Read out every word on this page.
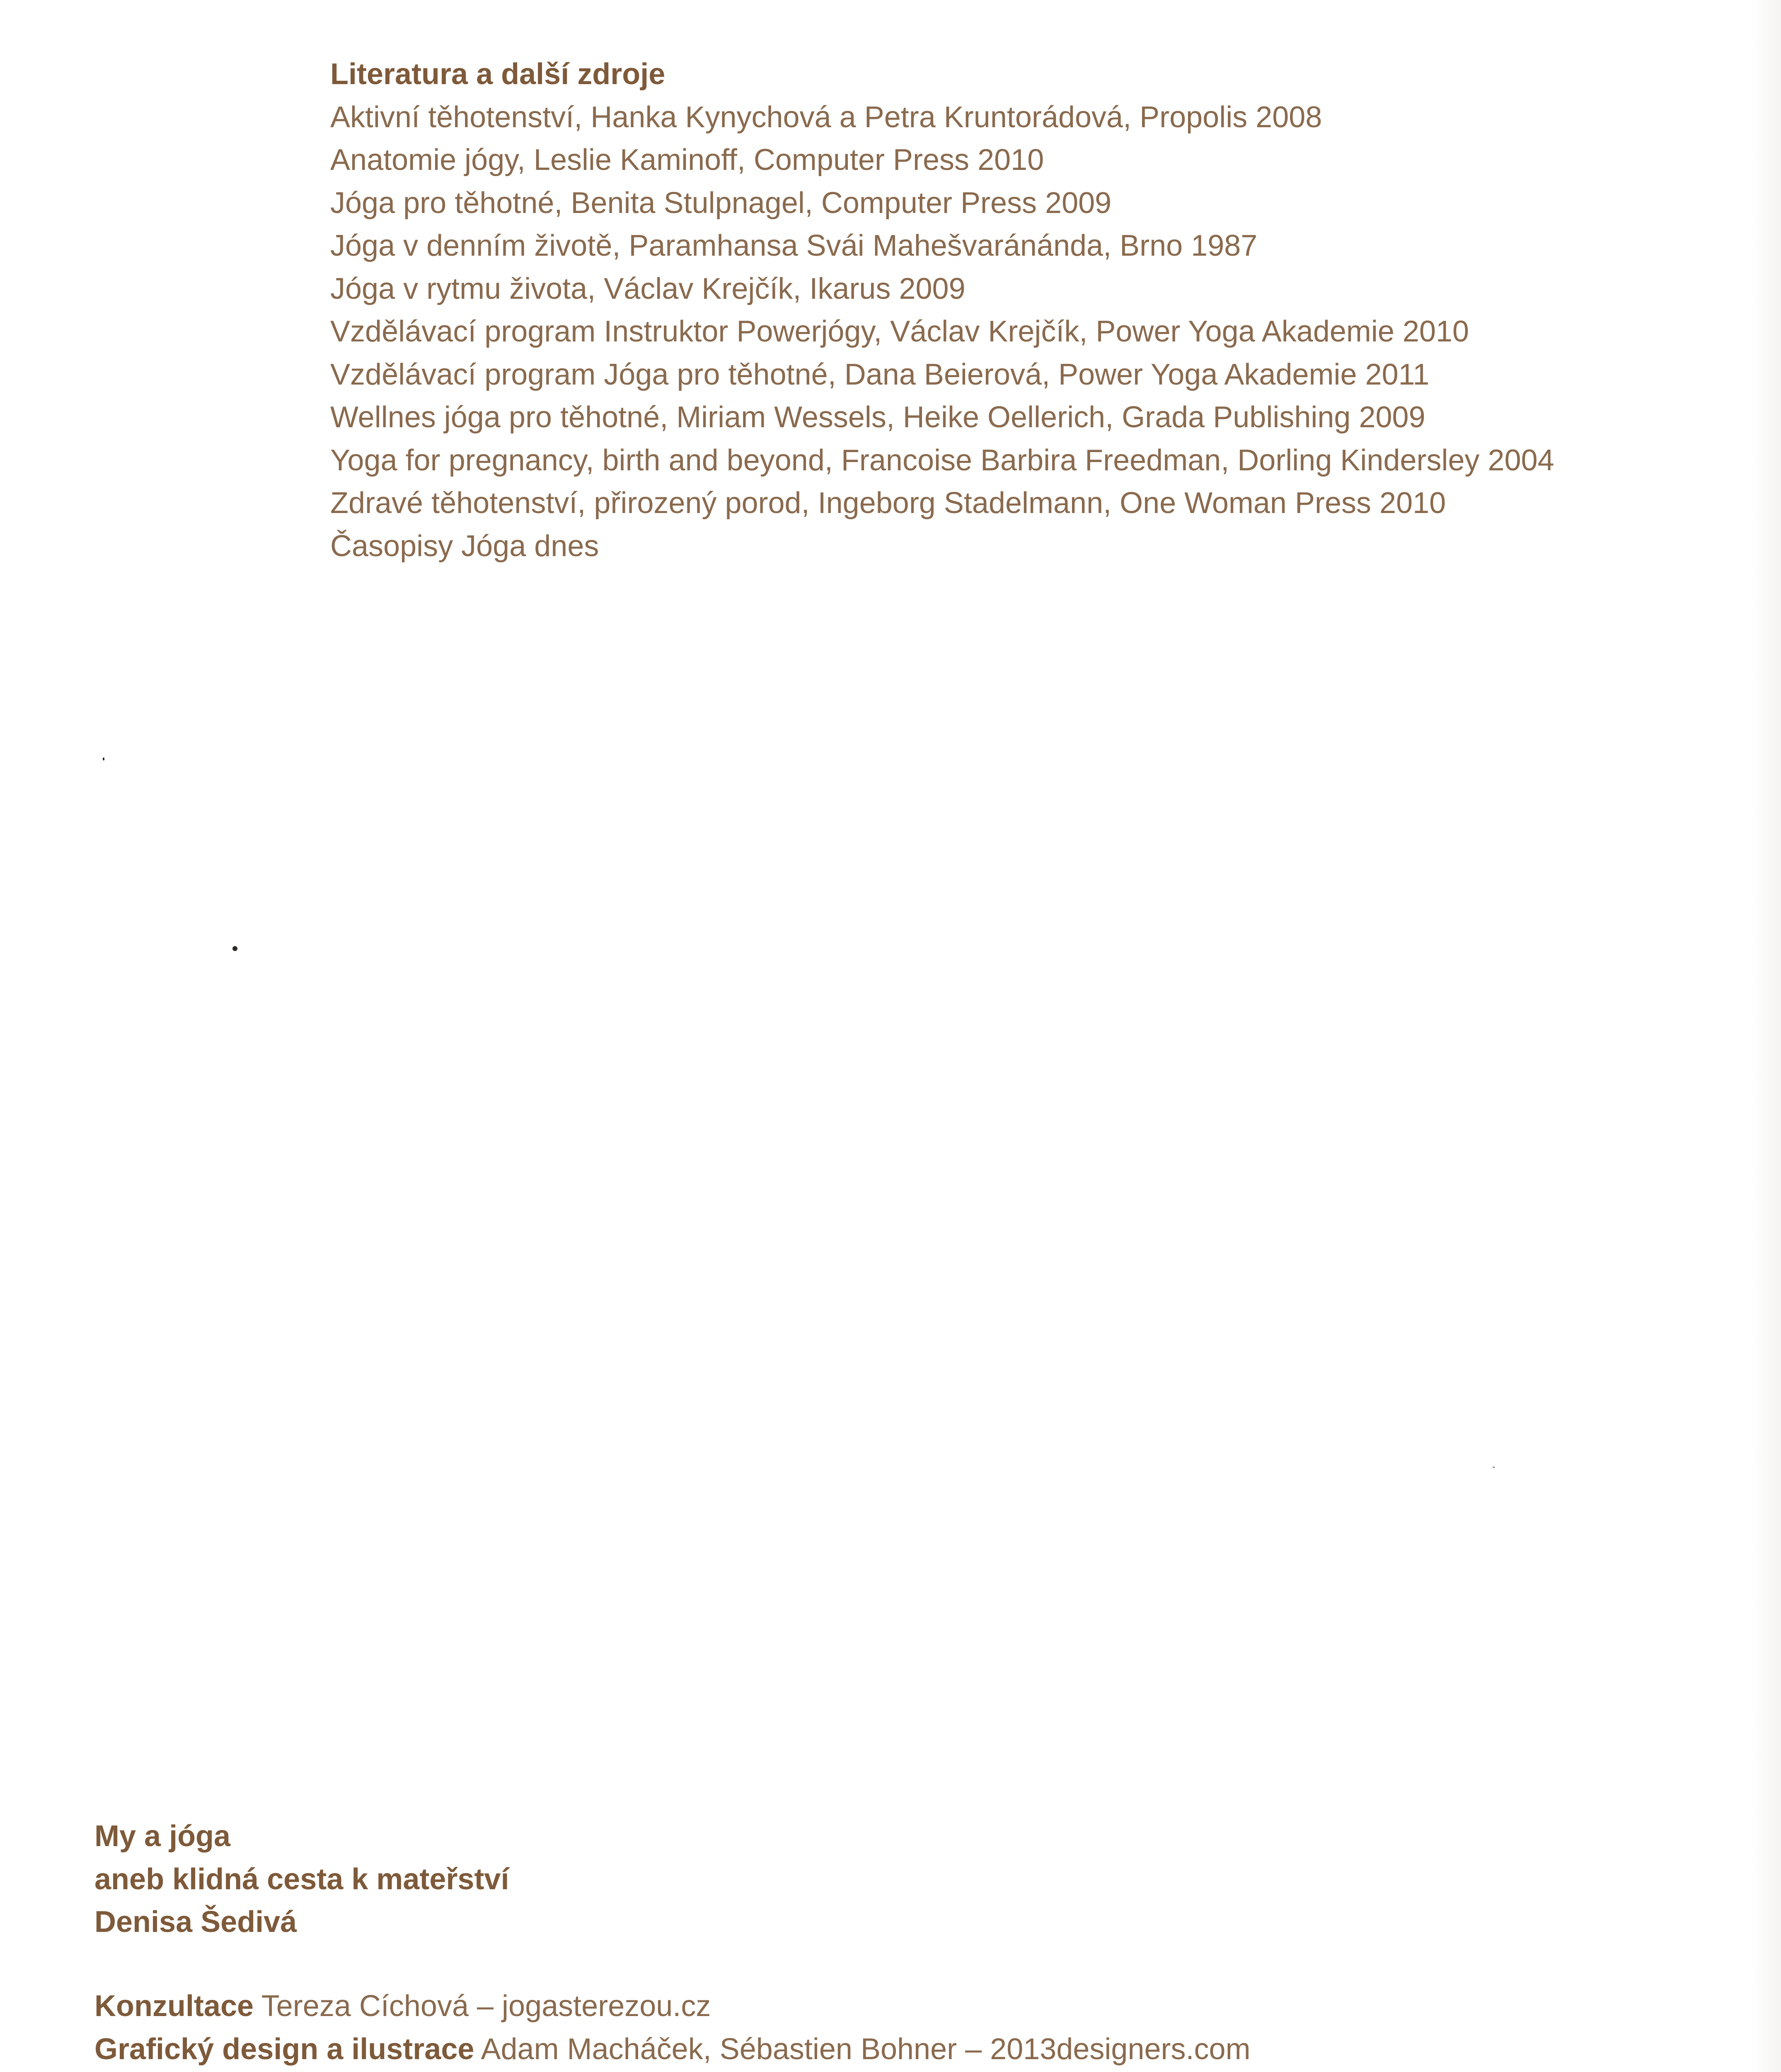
Literatura a další zdroje
Aktivní těhotenství, Hanka Kynychová a Petra Kruntorádová, Propolis 2008
Anatomie jógy, Leslie Kaminoff, Computer Press 2010
Jóga pro těhotné, Benita Stulpnagel, Computer Press 2009
Jóga v denním životě, Paramhansa Svái Mahešvaránánda, Brno 1987
Jóga v rytmu života, Václav Krejčík, Ikarus 2009
Vzdělávací program Instruktor Powerjógy, Václav Krejčík, Power Yoga Akademie 2010
Vzdělávací program Jóga pro těhotné, Dana Beierová, Power Yoga Akademie 2011
Wellnes jóga pro těhotné, Miriam Wessels, Heike Oellerich, Grada Publishing 2009
Yoga for pregnancy, birth and beyond, Francoise Barbira Freedman, Dorling Kindersley 2004
Zdravé těhotenství, přirozený porod, Ingeborg Stadelmann, One Woman Press 2010
Časopisy Jóga dnes
My a jóga
aneb klidná cesta k mateřství
Denisa Šedivá
Konzultace Tereza Cíchová – jogasterezou.cz
Grafický design a ilustrace Adam Macháček, Sébastien Bohner – 2013designers.com
